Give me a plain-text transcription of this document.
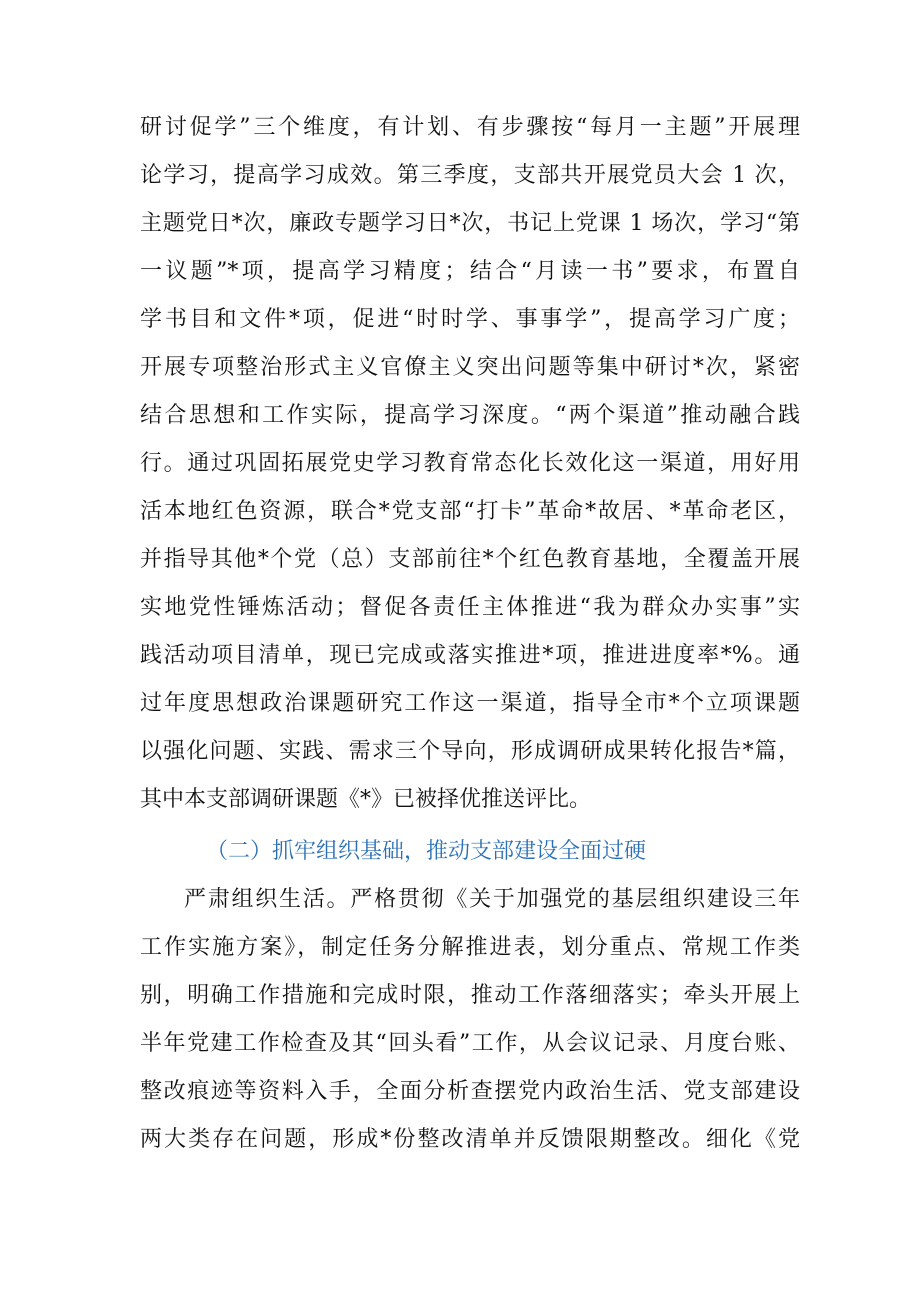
研讨促学”三个维度，有计划、有步骤按“每月一主题”开展理
论学习，提高学习成效。第三季度，支部共开展党员大会 1 次，
主题党日*次，廉政专题学习日*次，书记上党课 1 场次，学习“第
一议题”*项，提高学习精度；结合“月读一书”要求，布置自
学书目和文件*项，促进“时时学、事事学”，提高学习广度；
开展专项整治形式主义官僚主义突出问题等集中研讨*次，紧密
结合思想和工作实际，提高学习深度。“两个渠道”推动融合践
行。通过巩固拓展党史学习教育常态化长效化这一渠道，用好用
活本地红色资源，联合*党支部“打卡”革命*故居、*革命老区，
并指导其他*个党（总）支部前往*个红色教育基地，全覆盖开展
实地党性锤炼活动；督促各责任主体推进“我为群众办实事”实
践活动项目清单，现已完成或落实推进*项，推进进度率*%。通
过年度思想政治课题研究工作这一渠道，指导全市*个立项课题
以强化问题、实践、需求三个导向，形成调研成果转化报告*篇，
其中本支部调研课题《*》已被择优推送评比。
（二）抓牢组织基础，推动支部建设全面过硬
严肃组织生活。严格贯彻《关于加强党的基层组织建设三年
工作实施方案》，制定任务分解推进表，划分重点、常规工作类
别，明确工作措施和完成时限，推动工作落细落实；牵头开展上
半年党建工作检查及其“回头看”工作，从会议记录、月度台账、
整改痕迹等资料入手，全面分析查摆党内政治生活、党支部建设
两大类存在问题，形成*份整改清单并反馈限期整改。细化《党
